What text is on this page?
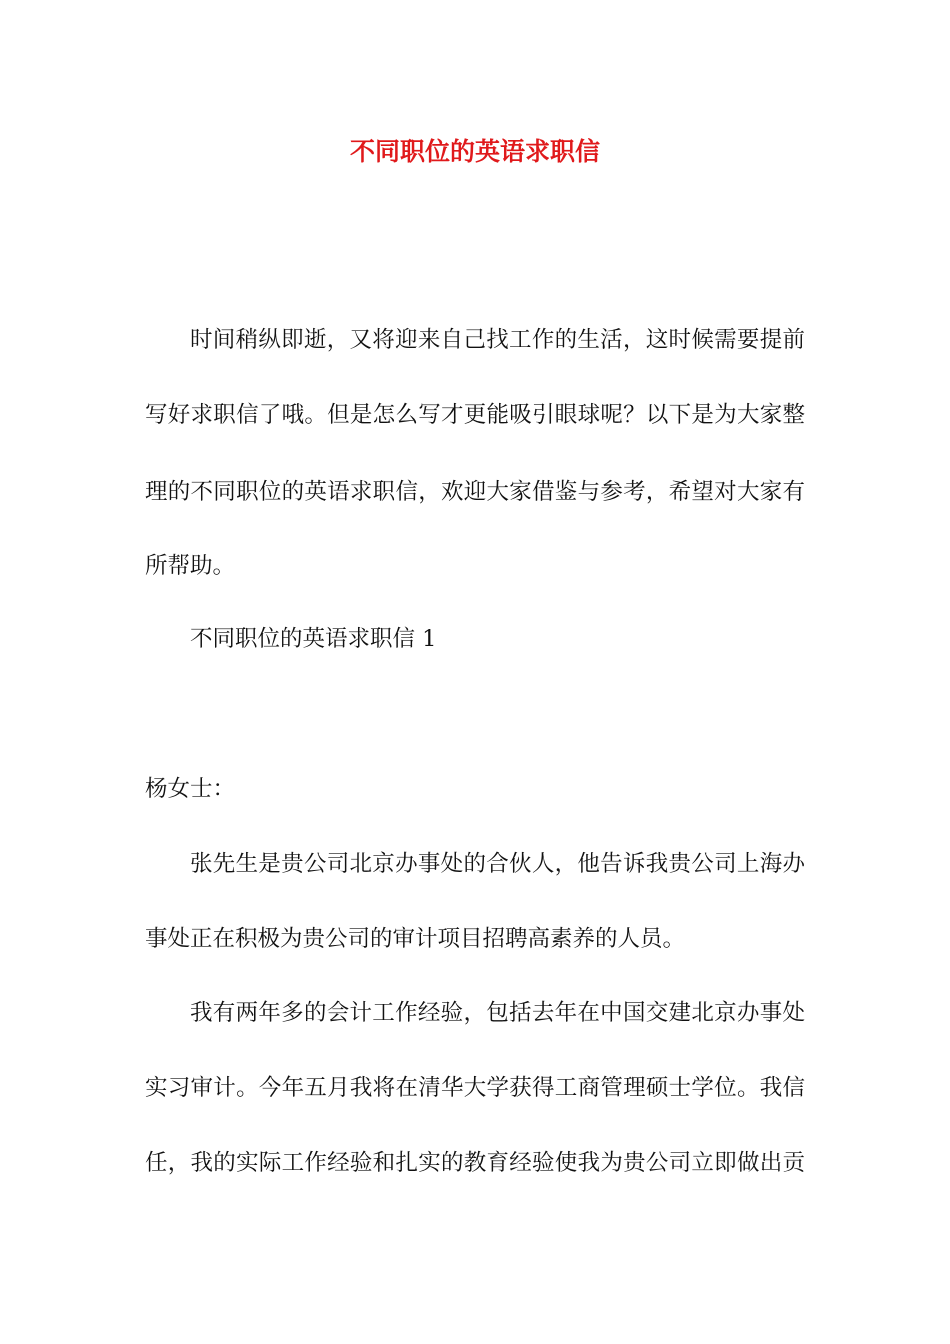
不同职位的英语求职信

时间稍纵即逝，又将迎来自己找工作的生活，这时候需要提前

写好求职信了哦。但是怎么写才更能吸引眼球呢？以下是为大家整

理的不同职位的英语求职信，欢迎大家借鉴与参考，希望对大家有

所帮助。

不同职位的英语求职信 1

杨女士：

张先生是贵公司北京办事处的合伙人，他告诉我贵公司上海办

事处正在积极为贵公司的审计项目招聘高素养的人员。

我有两年多的会计工作经验，包括去年在中国交建北京办事处

实习审计。今年五月我将在清华大学获得工商管理硕士学位。我信

任，我的实际工作经验和扎实的教育经验使我为贵公司立即做出贡
